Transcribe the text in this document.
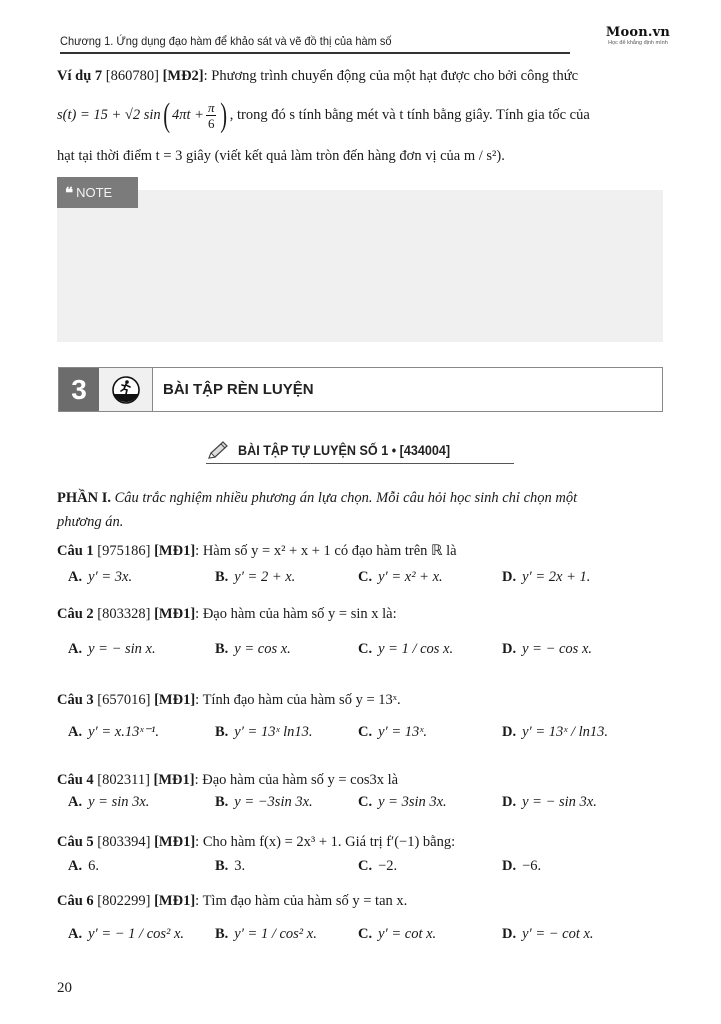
Chương 1. Ứng dụng đạo hàm để khảo sát và vẽ đồ thị của hàm số
Moon.vn
Học để khẳng định mình
Ví dụ 7 [860780] [MĐ2]: Phương trình chuyển động của một hạt được cho bởi công thức
s(t) = 15 + √2 sin ( $4\pi t + \frac{\pi}{6}$ ) , trong đó s tính bằng mét và t tính bằng giây. Tính gia tốc của
hạt tại thời điểm t = 3 giây (viết kết quả làm tròn đến hàng đơn vị của m / s²).
❝ NOTE
3	BÀI TẬP RÈN LUYỆN
BÀI TẬP TỰ LUYỆN SỐ 1 • [434004]
PHẦN I. Câu trắc nghiệm nhiều phương án lựa chọn. Mỗi câu hỏi học sinh chỉ chọn một
phương án.
Câu 1 [975186] [MĐ1]: Hàm số y = x² + x + 1 có đạo hàm trên ℝ là
A. y′ = 3x.	B. y′ = 2 + x.	C. y′ = x² + x.	D. y′ = 2x + 1.
Câu 2 [803328] [MĐ1]: Đạo hàm của hàm số y = sin x là:
A. y = − sin x.	B. y = cos x.	C. y = 1 / cos x.	D. y = − cos x.
Câu 3 [657016] [MĐ1]: Tính đạo hàm của hàm số y = 13ˣ.
A. y′ = x.13ˣ⁻¹.	B. y′ = 13ˣ ln13.	C. y′ = 13ˣ.	D. y′ = 13ˣ / ln13.
Câu 4 [802311] [MĐ1]: Đạo hàm của hàm số y = cos3x là
A. y = sin 3x.	B. y = −3sin 3x.	C. y = 3sin 3x.	D. y = − sin 3x.
Câu 5 [803394] [MĐ1]: Cho hàm f(x) = 2x³ + 1. Giá trị f′(−1) bằng:
A. 6.	B. 3.	C. −2.	D. −6.
Câu 6 [802299] [MĐ1]: Tìm đạo hàm của hàm số y = tan x.
A. y′ = − 1 / cos² x. B. y′ = 1 / cos² x.	C. y′ = cot x.	D. y′ = − cot x.
20
